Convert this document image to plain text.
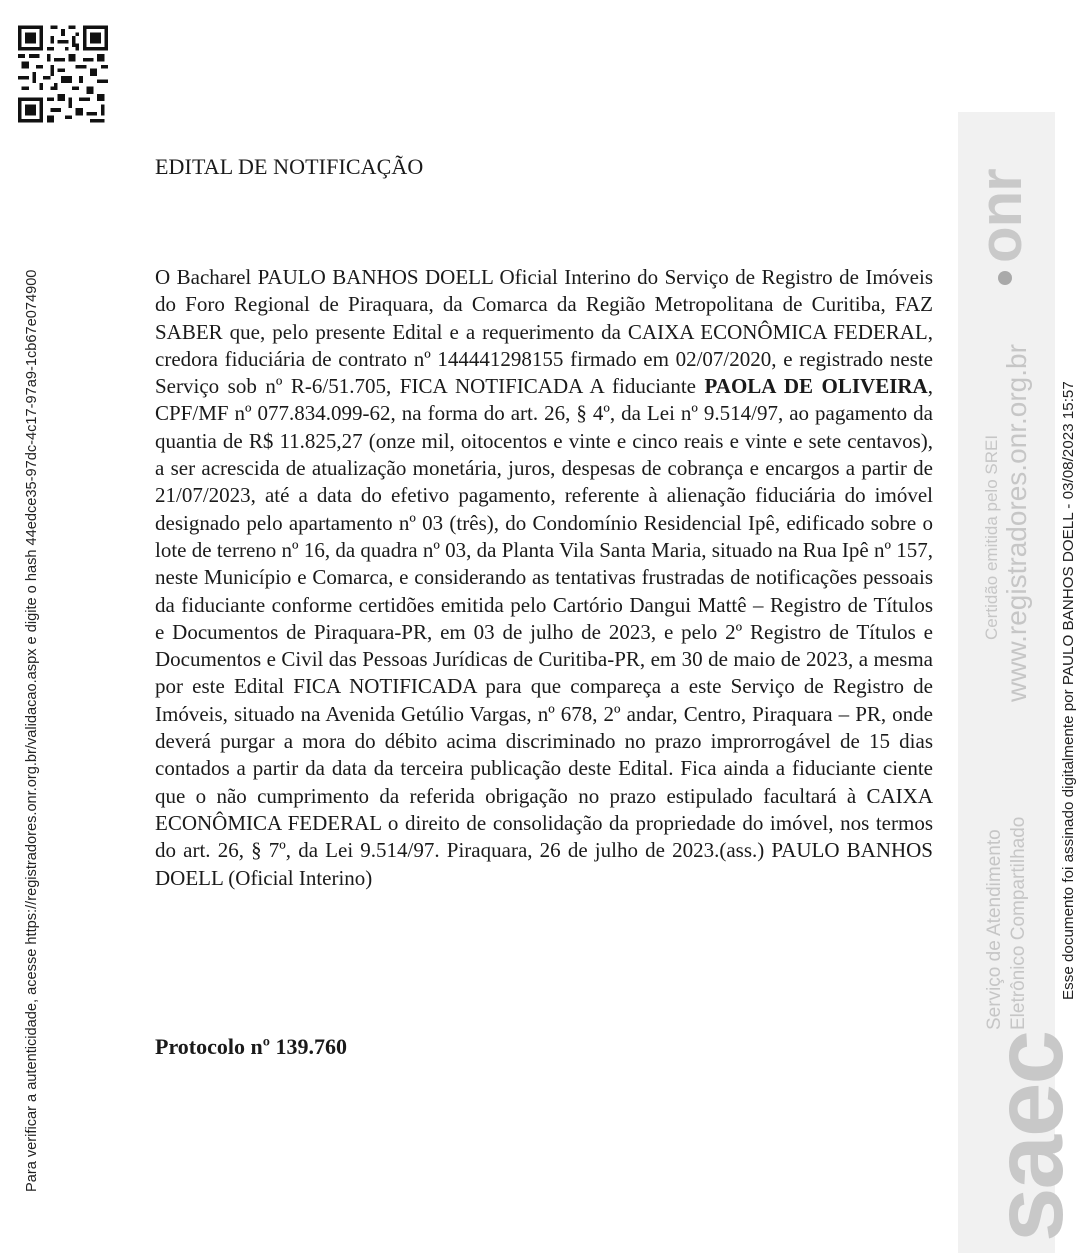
Para verificar a autenticidade, acesse https://registradores.onr.org.br/validacao.aspx e digite o hash 44edce35-97dc-4c17-97a9-1cb67e074900
EDITAL DE NOTIFICAÇÃO

O Bacharel PAULO BANHOS DOELL Oficial Interino do Serviço de Registro de Imóveis do Foro Regional de Piraquara, da Comarca da Região Metropolitana de Curitiba, FAZ SABER que, pelo presente Edital e a requerimento da CAIXA ECONÔMICA FEDERAL, credora fiduciária de contrato nº 144441298155 firmado em 02/07/2020, e registrado neste Serviço sob nº R-6/51.705, FICA NOTIFICADA A fiduciante PAOLA DE OLIVEIRA, CPF/MF nº 077.834.099-62, na forma do art. 26, § 4º, da Lei nº 9.514/97, ao pagamento da quantia de R$ 11.825,27 (onze mil, oitocentos e vinte e cinco reais e vinte e sete centavos), a ser acrescida de atualização monetária, juros, despesas de cobrança e encargos a partir de 21/07/2023, até a data do efetivo pagamento, referente à alienação fiduciária do imóvel designado pelo apartamento nº 03 (três), do Condomínio Residencial Ipê, edificado sobre o lote de terreno nº 16, da quadra nº 03, da Planta Vila Santa Maria, situado na Rua Ipê nº 157, neste Município e Comarca, e considerando as tentativas frustradas de notificações pessoais da fiduciante conforme certidões emitida pelo Cartório Dangui Mattê – Registro de Títulos e Documentos de Piraquara-PR, em 03 de julho de 2023, e pelo 2º Registro de Títulos e Documentos e Civil das Pessoas Jurídicas de Curitiba-PR, em 30 de maio de 2023, a mesma por este Edital FICA NOTIFICADA para que compareça a este Serviço de Registro de Imóveis, situado na Avenida Getúlio Vargas, nº 678, 2º andar, Centro, Piraquara – PR, onde deverá purgar a mora do débito acima discriminado no prazo improrrogável de 15 dias contados a partir da data da terceira publicação deste Edital. Fica ainda a fiduciante ciente que o não cumprimento da referida obrigação no prazo estipulado facultará à CAIXA ECONÔMICA FEDERAL o direito de consolidação da propriedade do imóvel, nos termos do art. 26, § 7º, da Lei 9.514/97. Piraquara, 26 de julho de 2023.(ass.) PAULO BANHOS DOELL (Oficial Interino)

Protocolo nº 139.760

onr
Certidão emitida pelo SREI www.registradores.onr.org.br
Serviço de Atendimento Eletrônico Compartilhado
saec
Esse documento foi assinado digitalmente por PAULO BANHOS DOELL - 03/08/2023 15:57
